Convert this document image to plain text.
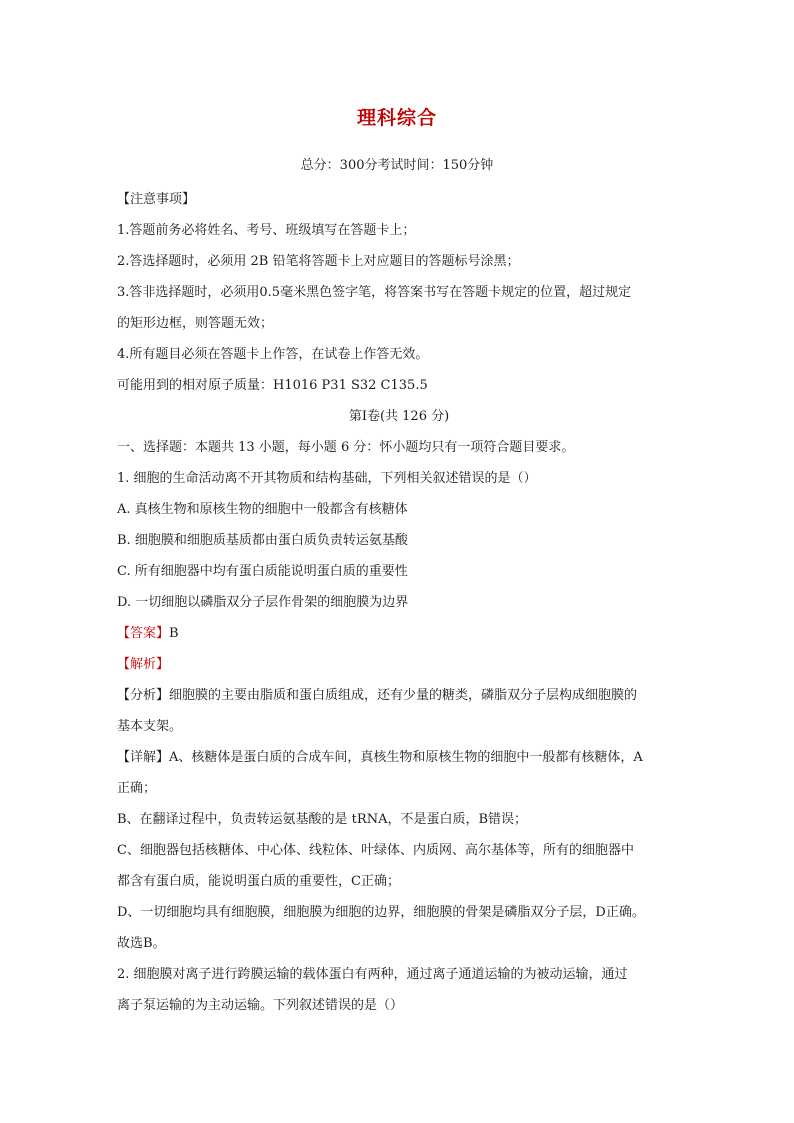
理科综合
总分：300分考试时间：150分钟
【注意事项】
1.答题前务必将姓名、考号、班级填写在答题卡上；
2.答选择题时，必须用 2B 铅笔将答题卡上对应题目的答题标号涂黑；
3.答非选择题时，必须用0.5毫米黑色签字笔，将答案书写在答题卡规定的位置，超过规定
的矩形边框，则答题无效；
4.所有题目必须在答题卡上作答，在试卷上作答无效。
可能用到的相对原子质量：H1016 P31 S32 C135.5
第Ⅰ卷(共 126 分)
一、选择题：本题共 13 小题，每小题 6 分：怀小题均只有一项符合题目要求。
1. 细胞的生命活动离不开其物质和结构基础，下列相关叙述错误的是（）
A. 真核生物和原核生物的细胞中一般都含有核糖体
B. 细胞膜和细胞质基质都由蛋白质负责转运氨基酸
C. 所有细胞器中均有蛋白质能说明蛋白质的重要性
D. 一切细胞以磷脂双分子层作骨架的细胞膜为边界
【答案】B
【解析】
【分析】细胞膜的主要由脂质和蛋白质组成，还有少量的糖类，磷脂双分子层构成细胞膜的
基本支架。
【详解】A、核糖体是蛋白质的合成车间，真核生物和原核生物的细胞中一般都有核糖体，A
正确；
B、在翻译过程中，负责转运氨基酸的是 tRNA，不是蛋白质，B错误；
C、细胞器包括核糖体、中心体、线粒体、叶绿体、内质网、高尔基体等，所有的细胞器中
都含有蛋白质，能说明蛋白质的重要性，C正确；
D、一切细胞均具有细胞膜，细胞膜为细胞的边界，细胞膜的骨架是磷脂双分子层，D正确。
故选B。
2. 细胞膜对离子进行跨膜运输的载体蛋白有两种，通过离子通道运输的为被动运输，通过
离子泵运输的为主动运输。下列叙述错误的是（）
